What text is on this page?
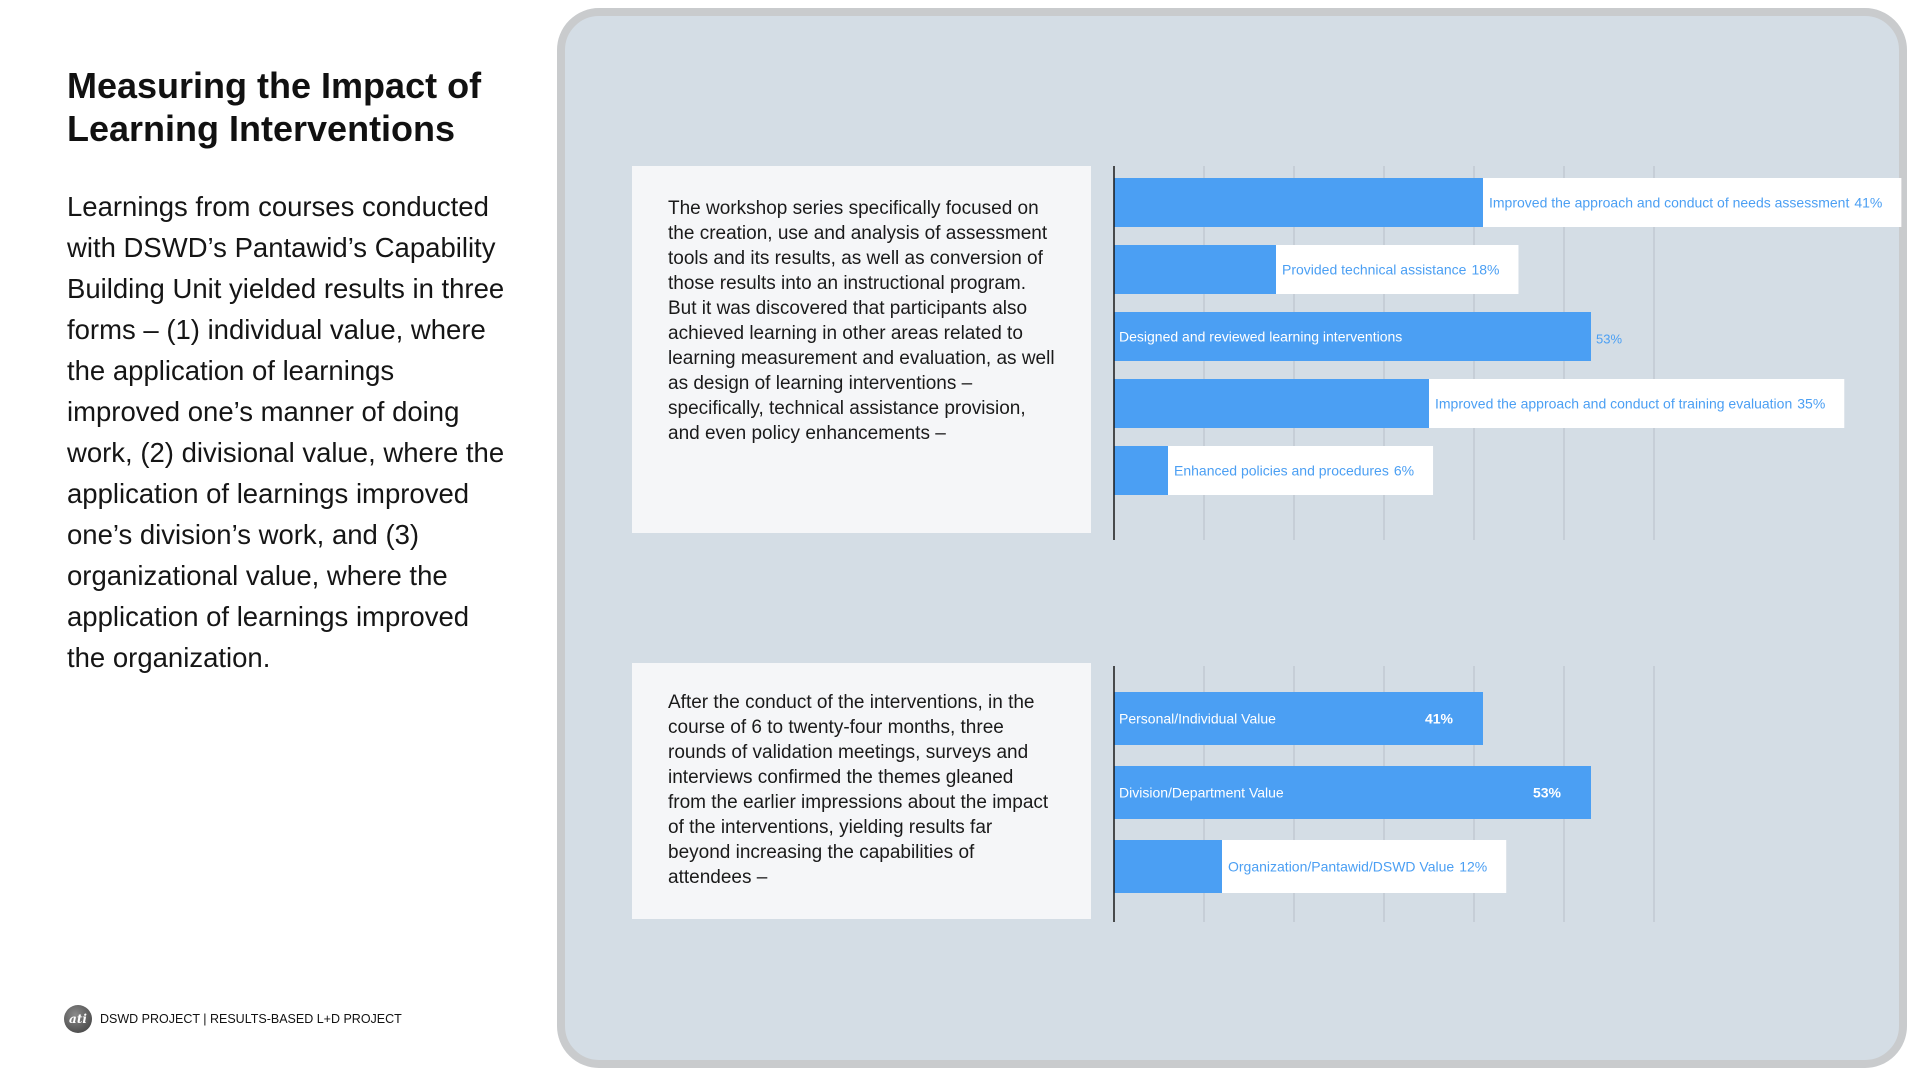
Measuring the Impact of Learning Interventions

Learnings from courses conducted with DSWD’s Pantawid’s Capability Building Unit yielded results in three forms – (1) individual value, where the application of learnings improved one’s manner of doing work, (2) divisional value, where the application of learnings improved one’s division’s work, and (3) organizational value, where the application of learnings improved the organization.

The workshop series specifically focused on the creation, use and analysis of assessment tools and its results, as well as conversion of those results into an instructional program. But it was discovered that participants also achieved learning in other areas related to learning measurement and evaluation, as well as design of learning interventions – specifically, technical assistance provision, and even policy enhancements –

Improved the approach and conduct of needs assessment 41%
Provided technical assistance 18%
Designed and reviewed learning interventions	53%
Improved the approach and conduct of training evaluation 35%
Enhanced policies and procedures 6%

After the conduct of the interventions, in the course of 6 to twenty-four months, three rounds of validation meetings, surveys and interviews confirmed the themes gleaned from the earlier impressions about the impact of the interventions, yielding results far beyond increasing the capabilities of attendees –

Personal/Individual Value	41%
Division/Department Value	53%
Organization/Pantawid/DSWD Value 12%
ati	DSWD PROJECT | RESULTS-BASED L+D PROJECT
